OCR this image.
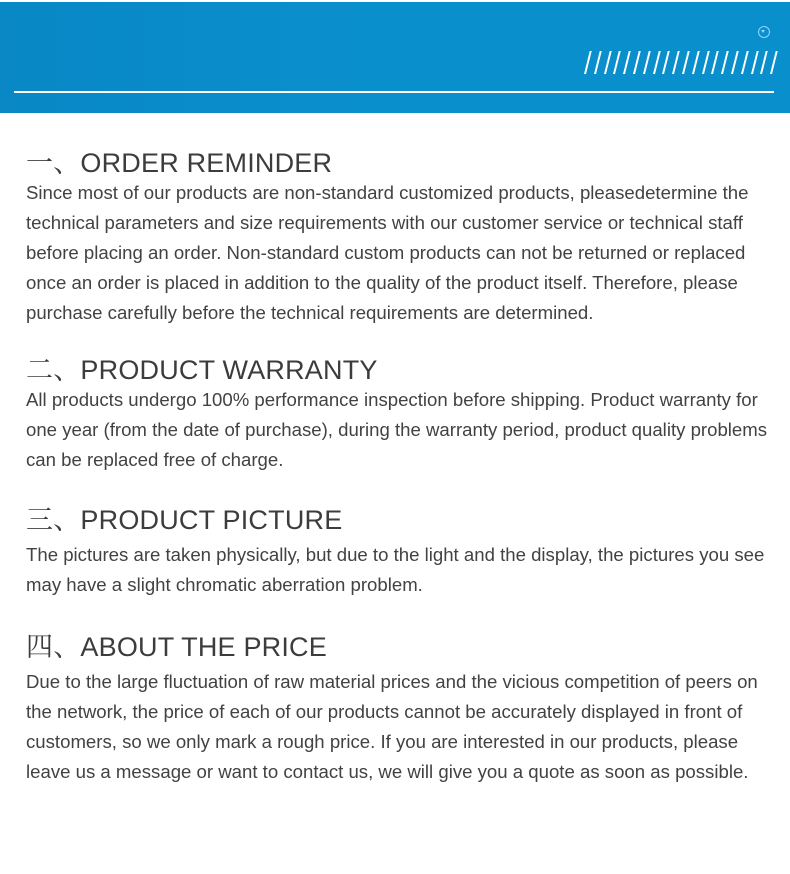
一、 ORDER REMINDER

Since most of our products are non-standard customized products, pleasedetermine the technical parameters and size requirements with our customer service or technical staff before placing an order. Non-standard custom products can not be returned or replaced once an order is placed in addition to the quality of the product itself. Therefore, please purchase carefully before the technical requirements are determined.

二、 PRODUCT WARRANTY

All products undergo 100% performance inspection before shipping. Product warranty for one year (from the date of purchase), during the warranty period, product quality problems can be replaced free of charge.

三、 PRODUCT PICTURE

The pictures are taken physically, but due to the light and the display, the pictures you see may have a slight chromatic aberration problem.

四、 ABOUT THE PRICE

Due to the large fluctuation of raw material prices and the vicious competition of peers on the network, the price of each of our products cannot be accurately displayed in front of customers, so we only mark a rough price. If you are interested in our products, please leave us a message or want to contact us, we will give you a quote as soon as possible.
